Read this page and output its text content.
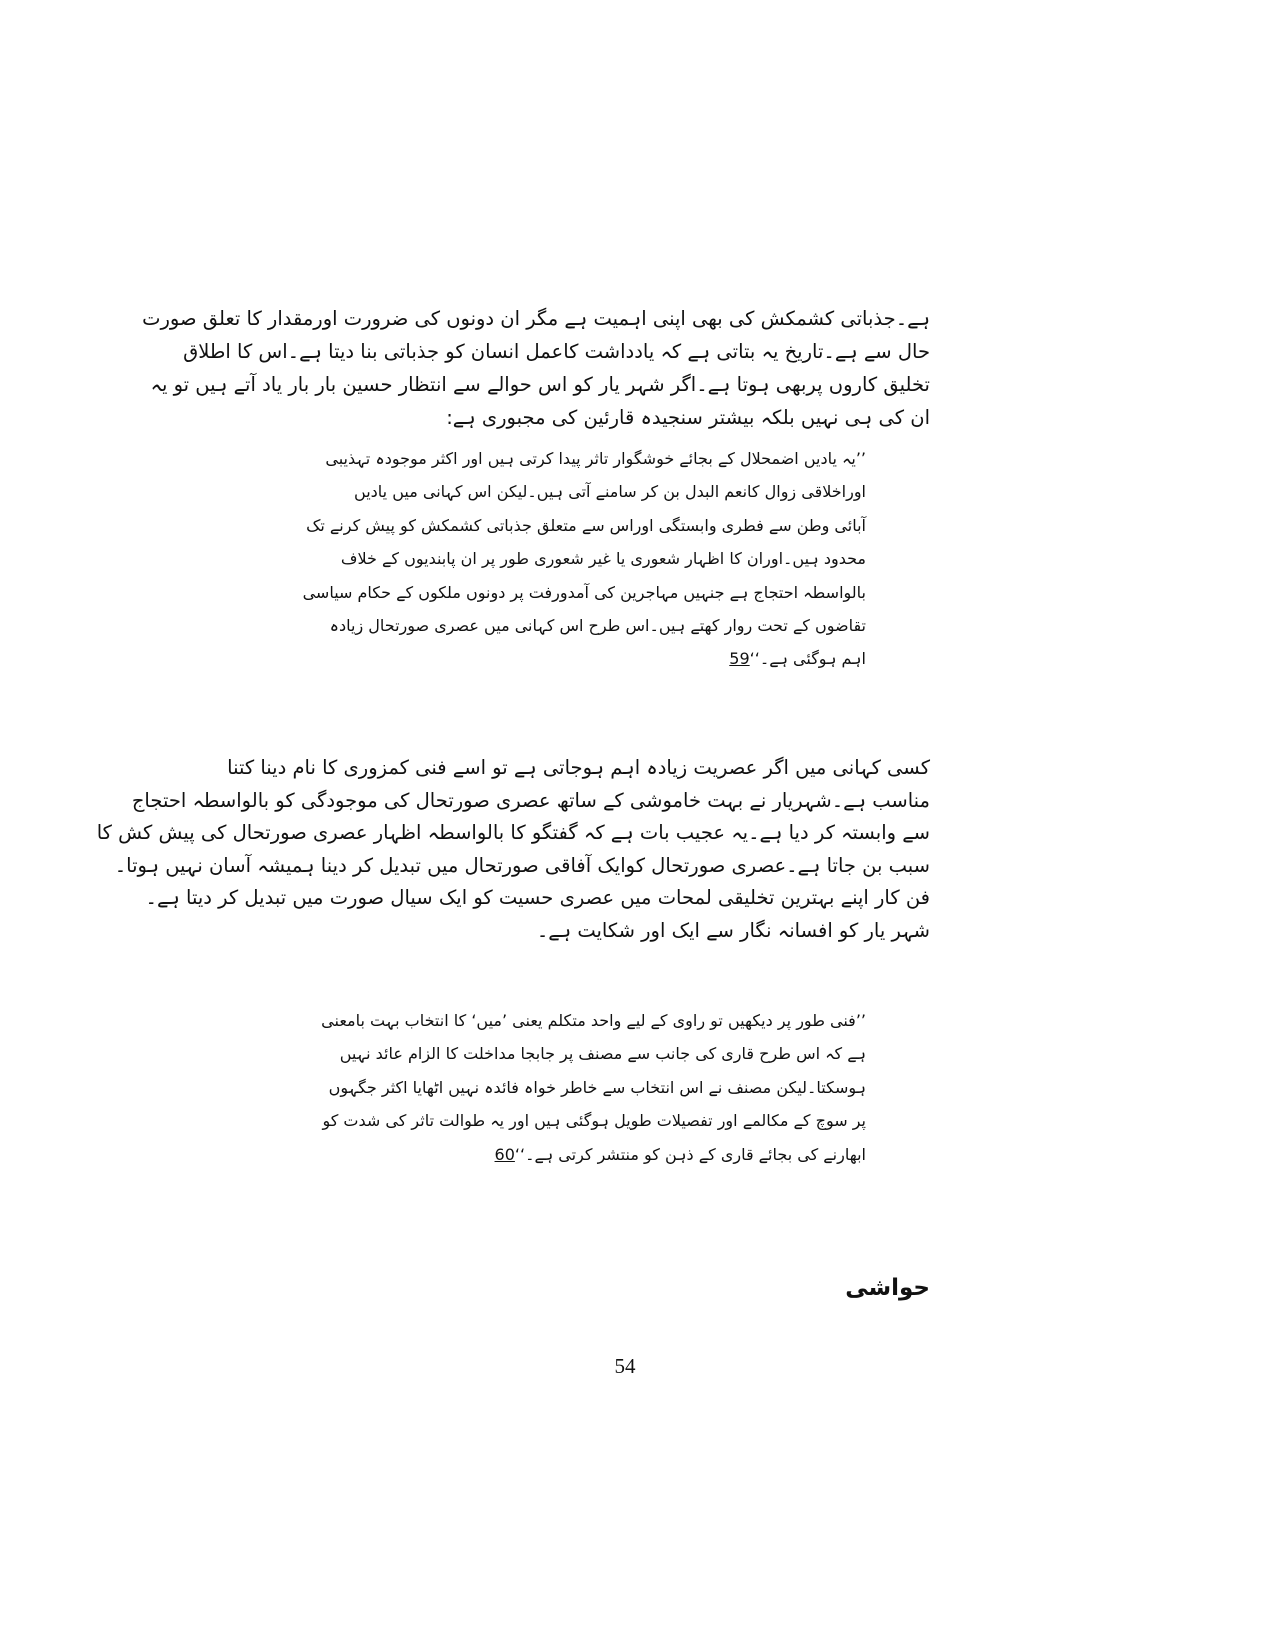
ہے۔جذباتی کشمکش کی بھی اپنی اہمیت ہے مگر ان دونوں کی ضرورت اورمقدار کا تعلق صورت
حال سے ہے۔تاریخ یہ بتاتی ہے کہ یادداشت کاعمل انسان کو جذباتی بنا دیتا ہے۔اس کا اطلاق
تخلیق کاروں پربھی ہوتا ہے۔اگر شہر یار کو اس حوالے سے انتظار حسین بار بار یاد آتے ہیں تو یہ
ان کی ہی نہیں بلکہ بیشتر سنجیدہ قارئین کی مجبوری ہے:
’’یہ یادیں اضمحلال کے بجائے خوشگوار تاثر پیدا کرتی ہیں اور اکثر موجودہ تہذیبی
اوراخلاقی زوال کانعم البدل بن کر سامنے آتی ہیں۔لیکن اس کہانی میں یادیں
آبائی وطن سے فطری وابستگی اوراس سے متعلق جذباتی کشمکش کو پیش کرنے تک
محدود ہیں۔اوران کا اظہار شعوری یا غیر شعوری طور پر ان پابندیوں کے خلاف
بالواسطہ احتجاج ہے جنہیں مہاجرین کی آمدورفت پر دونوں ملکوں کے حکام سیاسی
تقاضوں کے تحت روار کھتے ہیں۔اس طرح اس کہانی میں عصری صورتحال زیادہ
اہم ہوگئی ہے۔‘‘59
کسی کہانی میں اگر عصریت زیادہ اہم ہوجاتی ہے تو اسے فنی کمزوری کا نام دینا کتنا
مناسب ہے۔شہریار نے بہت خاموشی کے ساتھ عصری صورتحال کی موجودگی کو بالواسطہ احتجاج
سے وابستہ کر دیا ہے۔یہ عجیب بات ہے کہ گفتگو کا بالواسطہ اظہار عصری صورتحال کی پیش کش کا
سبب بن جاتا ہے۔عصری صورتحال کوایک آفاقی صورتحال میں تبدیل کر دینا ہمیشہ آسان نہیں ہوتا۔
فن کار اپنے بہترین تخلیقی لمحات میں عصری حسیت کو ایک سیال صورت میں تبدیل کر دیتا ہے۔
شہر یار کو افسانہ نگار سے ایک اور شکایت ہے۔
’’فنی طور پر دیکھیں تو راوی کے لیے واحد متکلم یعنی ’میں‘ کا انتخاب بہت بامعنی
ہے کہ اس طرح قاری کی جانب سے مصنف پر جابجا مداخلت کا الزام عائد نہیں
ہوسکتا۔لیکن مصنف نے اس انتخاب سے خاطر خواہ فائدہ نہیں اٹھایا اکثر جگہوں
پر سوچ کے مکالمے اور تفصیلات طویل ہوگئی ہیں اور یہ طوالت تاثر کی شدت کو
ابھارنے کی بجائے قاری کے ذہن کو منتشر کرتی ہے۔‘‘60
حواشی
54
